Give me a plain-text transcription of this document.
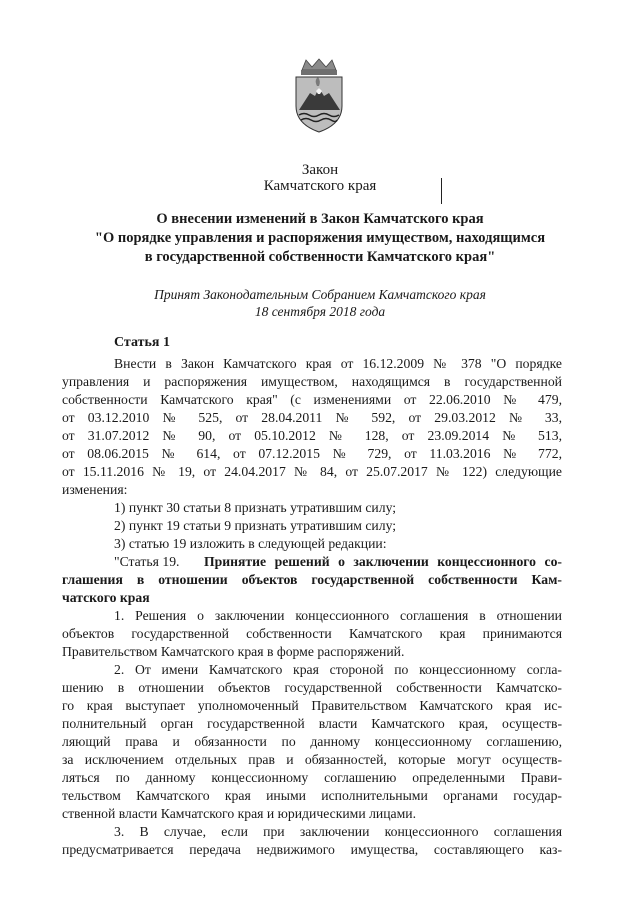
Закон
Камчатского края
О внесении изменений в Закон Камчатского края
"О порядке управления и распоряжения имуществом, находящимся
в государственной собственности Камчатского края"
Принят Законодательным Собранием Камчатского края
18 сентября 2018 года
Статья 1
Внести в Закон Камчатского края от 16.12.2009 № 378 "О порядке
управления и распоряжения имуществом, находящимся в государственной
собственности Камчатского края" (с изменениями от 22.06.2010 № 479,
от 03.12.2010 № 525, от 28.04.2011 № 592, от 29.03.2012 № 33,
от 31.07.2012 № 90, от 05.10.2012 № 128, от 23.09.2014 № 513,
от 08.06.2015 № 614, от 07.12.2015 № 729, от 11.03.2016 № 772,
от 15.11.2016 № 19, от 24.04.2017 № 84, от 25.07.2017 № 122) следующие
изменения:
1) пункт 30 статьи 8 признать утратившим силу;
2) пункт 19 статьи 9 признать утратившим силу;
3) статью 19 изложить в следующей редакции:
"Статья 19.	Принятие решений о заключении концессионного со-
глашения в отношении объектов государственной собственности Кам-
чатского края
1. Решения о заключении концессионного соглашения в отношении
объектов государственной собственности Камчатского края принимаются
Правительством Камчатского края в форме распоряжений.
2. От имени Камчатского края стороной по концессионному согла-
шению в отношении объектов государственной собственности Камчатско-
го края выступает уполномоченный Правительством Камчатского края ис-
полнительный орган государственной власти Камчатского края, осуществ-
ляющий права и обязанности по данному концессионному соглашению,
за исключением отдельных прав и обязанностей, которые могут осуществ-
ляться по данному концессионному соглашению определенными Прави-
тельством Камчатского края иными исполнительными органами государ-
ственной власти Камчатского края и юридическими лицами.
3. В случае, если при заключении концессионного соглашения
предусматривается передача недвижимого имущества, составляющего каз-
